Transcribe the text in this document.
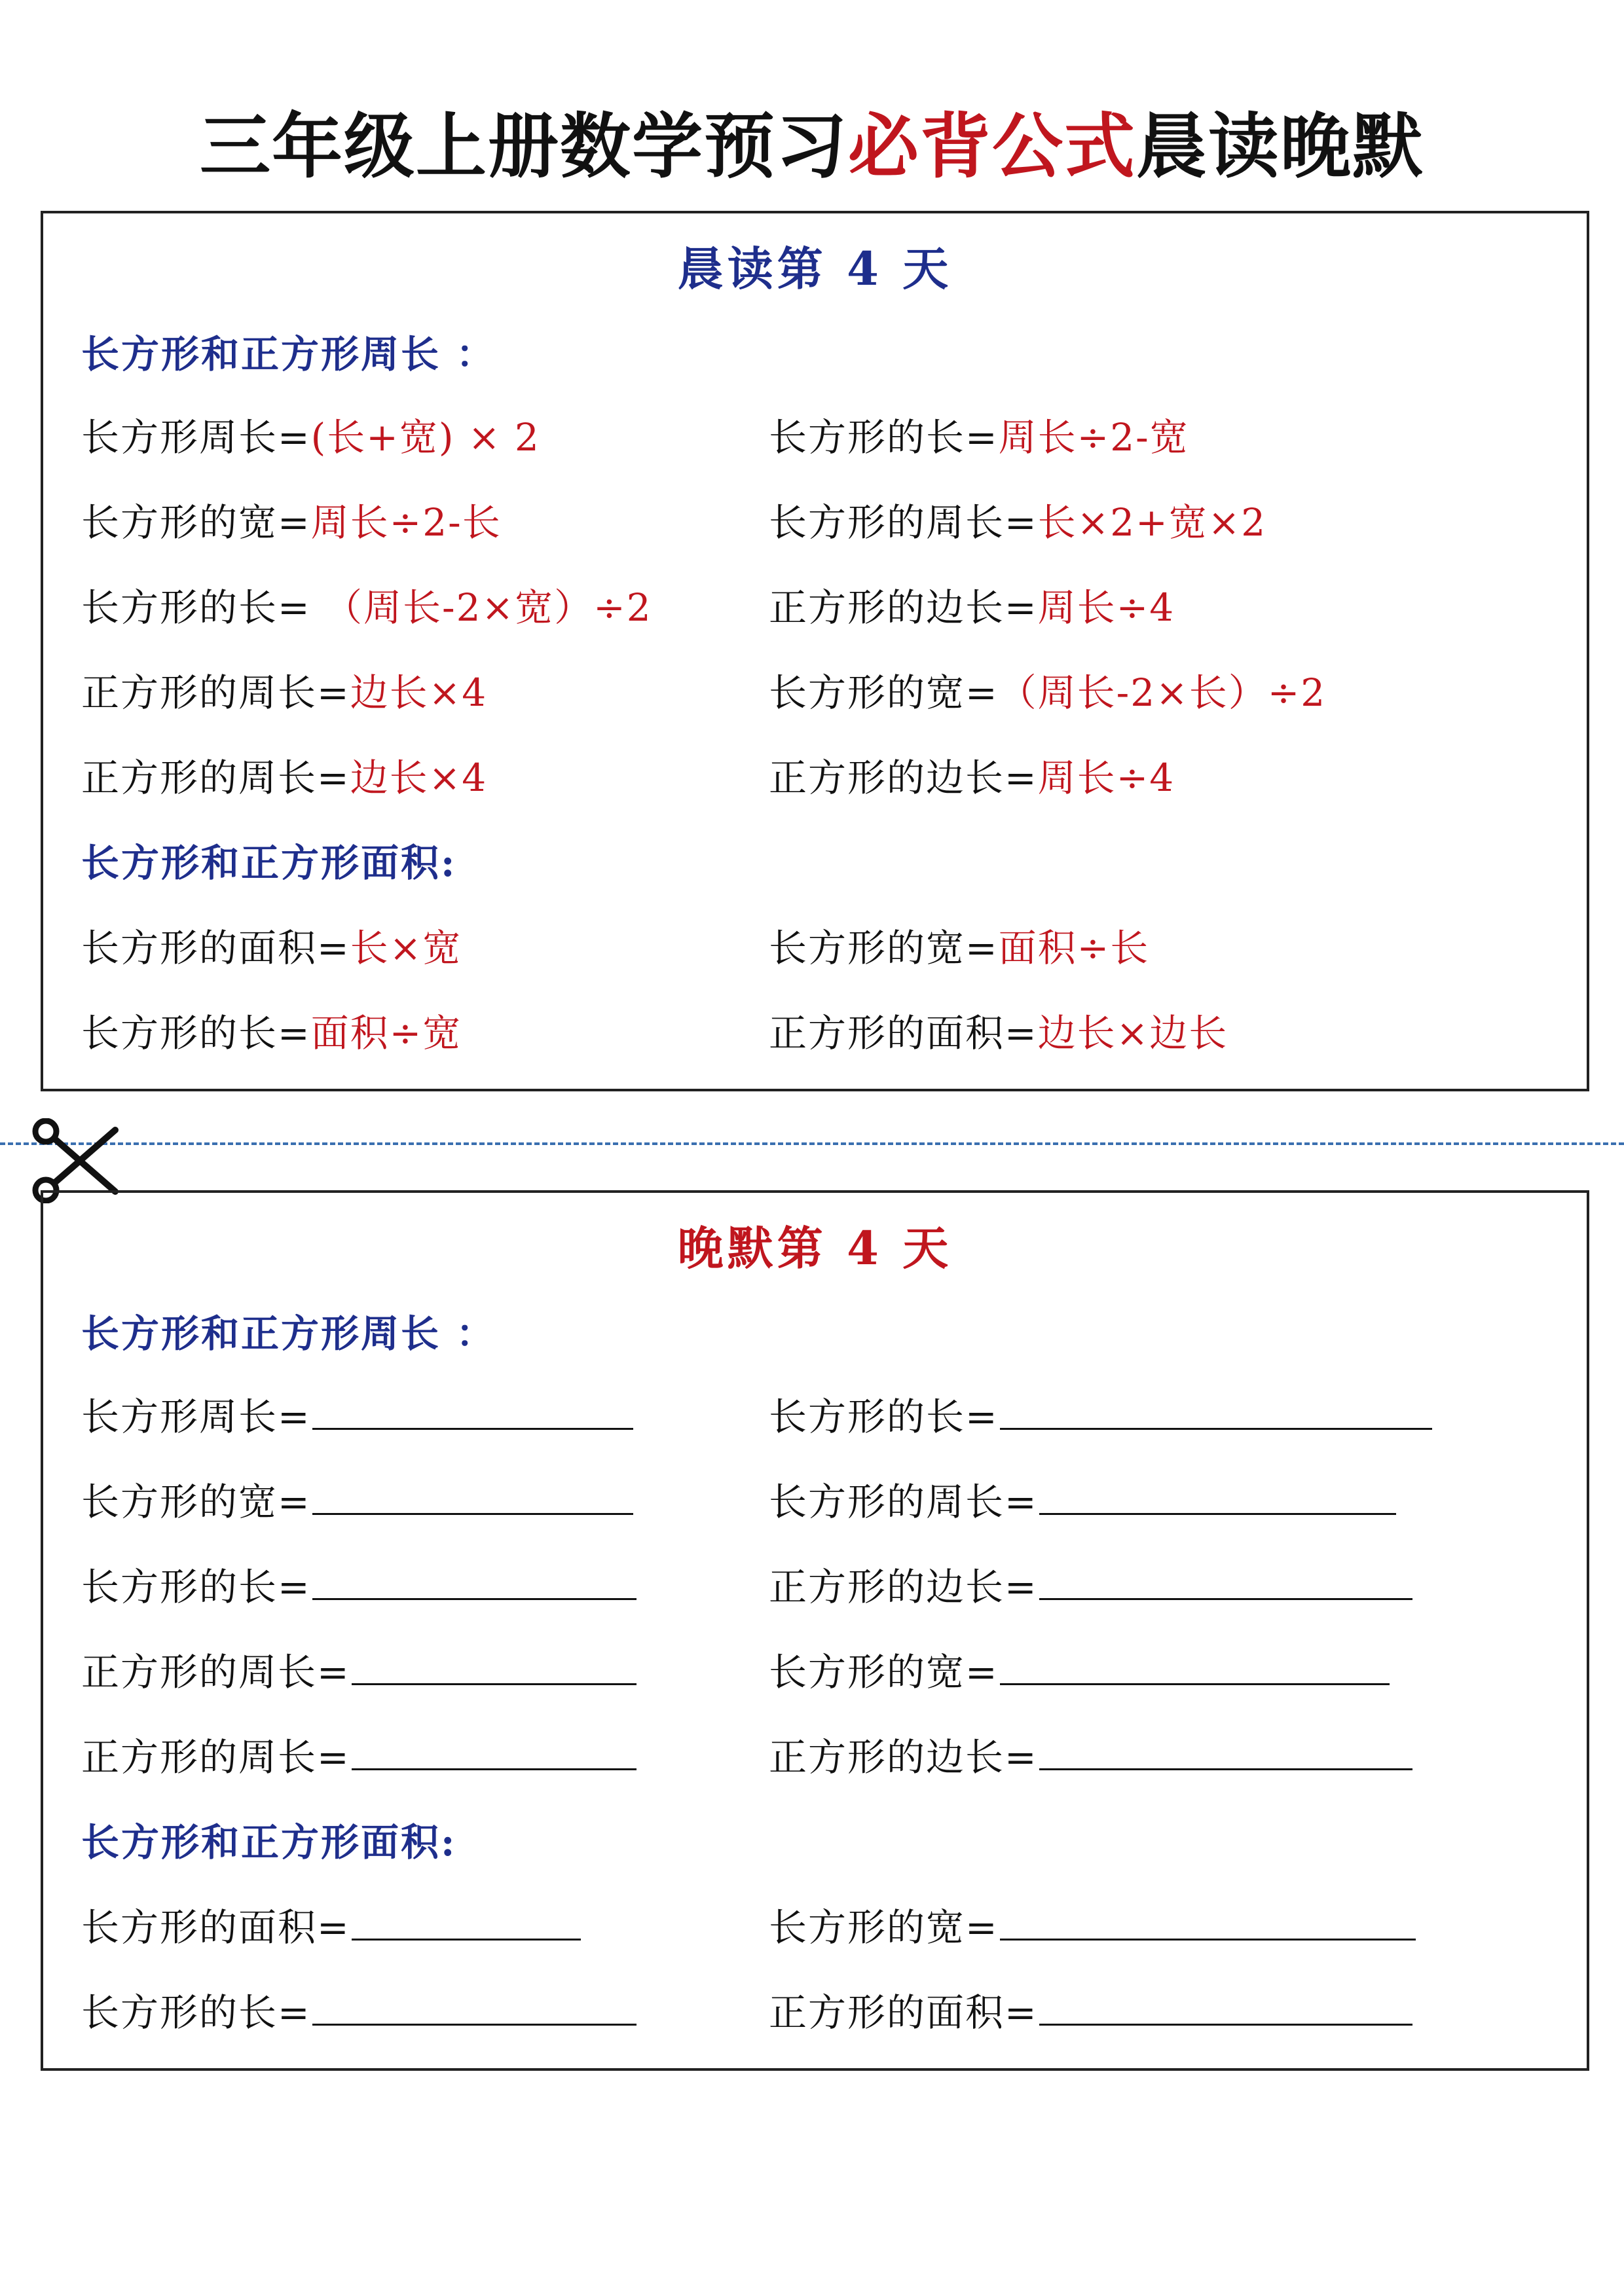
三年级上册数学预习必背公式晨读晚默
晨读第 4 天
长方形和正方形周长 ：
长方形周长=(长+宽) × 2	长方形的长=周长÷2-宽
长方形的宽=周长÷2-长	长方形的周长=长×2+宽×2
长方形的长= （周长-2×宽）÷2	正方形的边长=周长÷4
正方形的周长=边长×4	长方形的宽=（周长-2×长）÷2
正方形的周长=边长×4	正方形的边长=周长÷4
长方形和正方形面积:
长方形的面积=长×宽	长方形的宽=面积÷长
长方形的长=面积÷宽	正方形的面积=边长×边长
晚默第 4 天
长方形和正方形周长 ：
长方形周长=	长方形的长=
长方形的宽=	长方形的周长=
长方形的长=	正方形的边长=
正方形的周长=	长方形的宽=
正方形的周长=	正方形的边长=
长方形和正方形面积:
长方形的面积=	长方形的宽=
长方形的长=	正方形的面积=
